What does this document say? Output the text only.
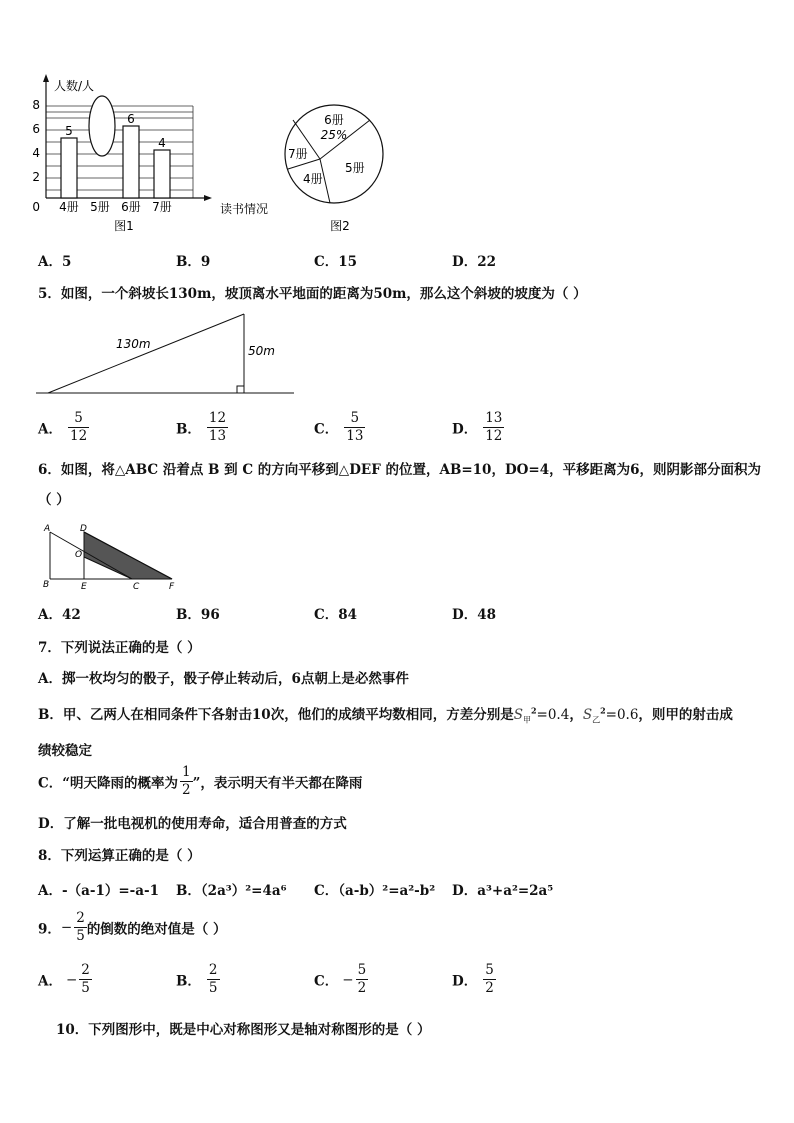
5
4册 5册
6
6册
4
7册
人数/人
读书情况
图1
0
2
4
6
8
6册
25%
7册
5册
4册
图2
A．5	B．9	C．15	D．22
5．如图，一个斜坡长130m，坡顶离水平地面的距离为50m，那么这个斜坡的坡度为（ ）
130m	50m
A． $\frac{5}{12}$	B． $\frac{12}{13}$	C． $\frac{5}{13}$	D． $\frac{13}{12}$
6．如图，将△ABC 沿着点 B 到 C 的方向平移到△DEF 的位置，AB=10，DO=4，平移距离为6，则阴影部分面积为
（ ）
A
B
D
E
O
C	F
A．42	B．96	C．84	D．48
7．下列说法正确的是（ ）
A．掷一枚均匀的骰子，骰子停止转动后，6点朝上是必然事件
B．甲、乙两人在相同条件下各射击10次，他们的成绩平均数相同，方差分别是$S_甲^2=0.4$，$S_乙^2=0.6$，则甲的射击成
绩较稳定
C．“明天降雨的概率为 $\frac{1}{2}$ ”，表示明天有半天都在降雨
D．了解一批电视机的使用寿命，适合用普查的方式
8．下列运算正确的是（ ）
A．-（a-1）=-a-1 B．（2a³）²=4a⁶ C．（a-b）²=a²-b² D．a³+a²=2a⁵
9．− $\frac{2}{5}$ 的倒数的绝对值是（ ）
A． − $\frac{2}{5}$	B． $\frac{2}{5}$	C． − $\frac{5}{2}$	D． $\frac{5}{2}$
10．下列图形中，既是中心对称图形又是轴对称图形的是（ ）
